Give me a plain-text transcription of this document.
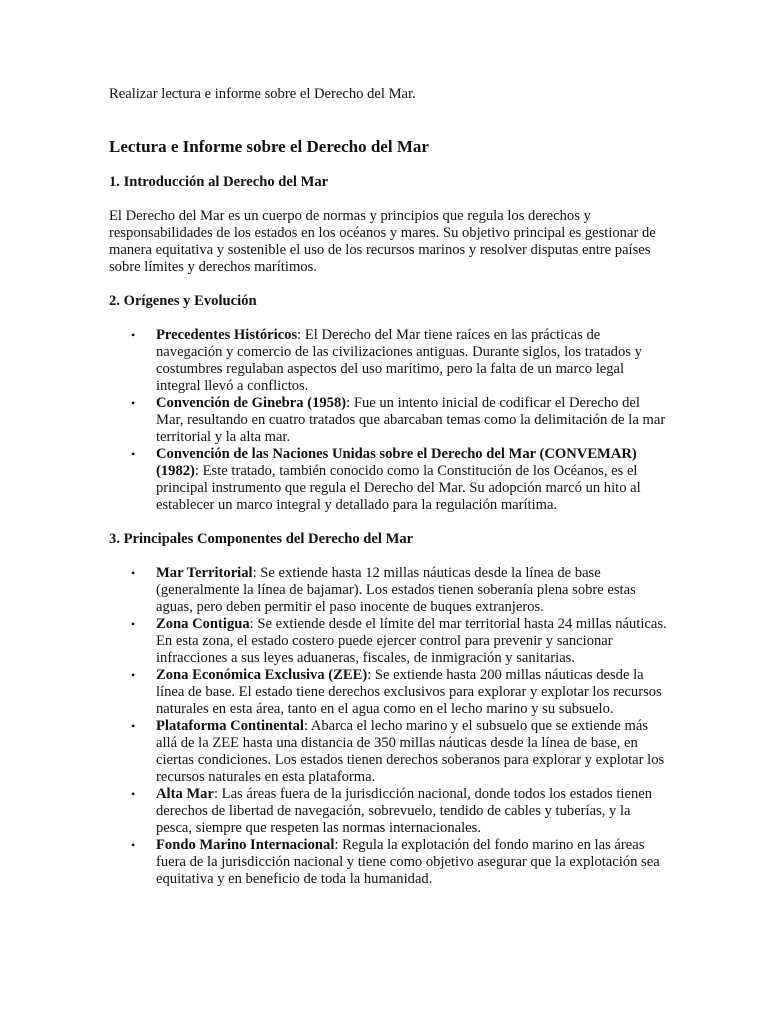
Realizar lectura e informe sobre el Derecho del Mar.

Lectura e Informe sobre el Derecho del Mar
1. Introducción al Derecho del Mar

El Derecho del Mar es un cuerpo de normas y principios que regula los derechos y responsabilidades de los estados en los océanos y mares. Su objetivo principal es gestionar de manera equitativa y sostenible el uso de los recursos marinos y resolver disputas entre países sobre límites y derechos marítimos.

2. Orígenes y Evolución
• Precedentes Históricos: El Derecho del Mar tiene raíces en las prácticas de navegación y comercio de las civilizaciones antiguas. Durante siglos, los tratados y costumbres regulaban aspectos del uso marítimo, pero la falta de un marco legal integral llevó a conflictos.
• Convención de Ginebra (1958): Fue un intento inicial de codificar el Derecho del Mar, resultando en cuatro tratados que abarcaban temas como la delimitación de la mar territorial y la alta mar.
• Convención de las Naciones Unidas sobre el Derecho del Mar (CONVEMAR) (1982): Este tratado, también conocido como la Constitución de los Océanos, es el principal instrumento que regula el Derecho del Mar. Su adopción marcó un hito al establecer un marco integral y detallado para la regulación marítima.
3. Principales Componentes del Derecho del Mar
• Mar Territorial: Se extiende hasta 12 millas náuticas desde la línea de base (generalmente la línea de bajamar). Los estados tienen soberanía plena sobre estas aguas, pero deben permitir el paso inocente de buques extranjeros.
• Zona Contigua: Se extiende desde el límite del mar territorial hasta 24 millas náuticas. En esta zona, el estado costero puede ejercer control para prevenir y sancionar infracciones a sus leyes aduaneras, fiscales, de inmigración y sanitarias.
• Zona Económica Exclusiva (ZEE): Se extiende hasta 200 millas náuticas desde la línea de base. El estado tiene derechos exclusivos para explorar y explotar los recursos naturales en esta área, tanto en el agua como en el lecho marino y su subsuelo.
• Plataforma Continental: Abarca el lecho marino y el subsuelo que se extiende más allá de la ZEE hasta una distancia de 350 millas náuticas desde la línea de base, en ciertas condiciones. Los estados tienen derechos soberanos para explorar y explotar los recursos naturales en esta plataforma.
• Alta Mar: Las áreas fuera de la jurisdicción nacional, donde todos los estados tienen derechos de libertad de navegación, sobrevuelo, tendido de cables y tuberías, y la pesca, siempre que respeten las normas internacionales.
• Fondo Marino Internacional: Regula la explotación del fondo marino en las áreas fuera de la jurisdicción nacional y tiene como objetivo asegurar que la explotación sea equitativa y en beneficio de toda la humanidad.
